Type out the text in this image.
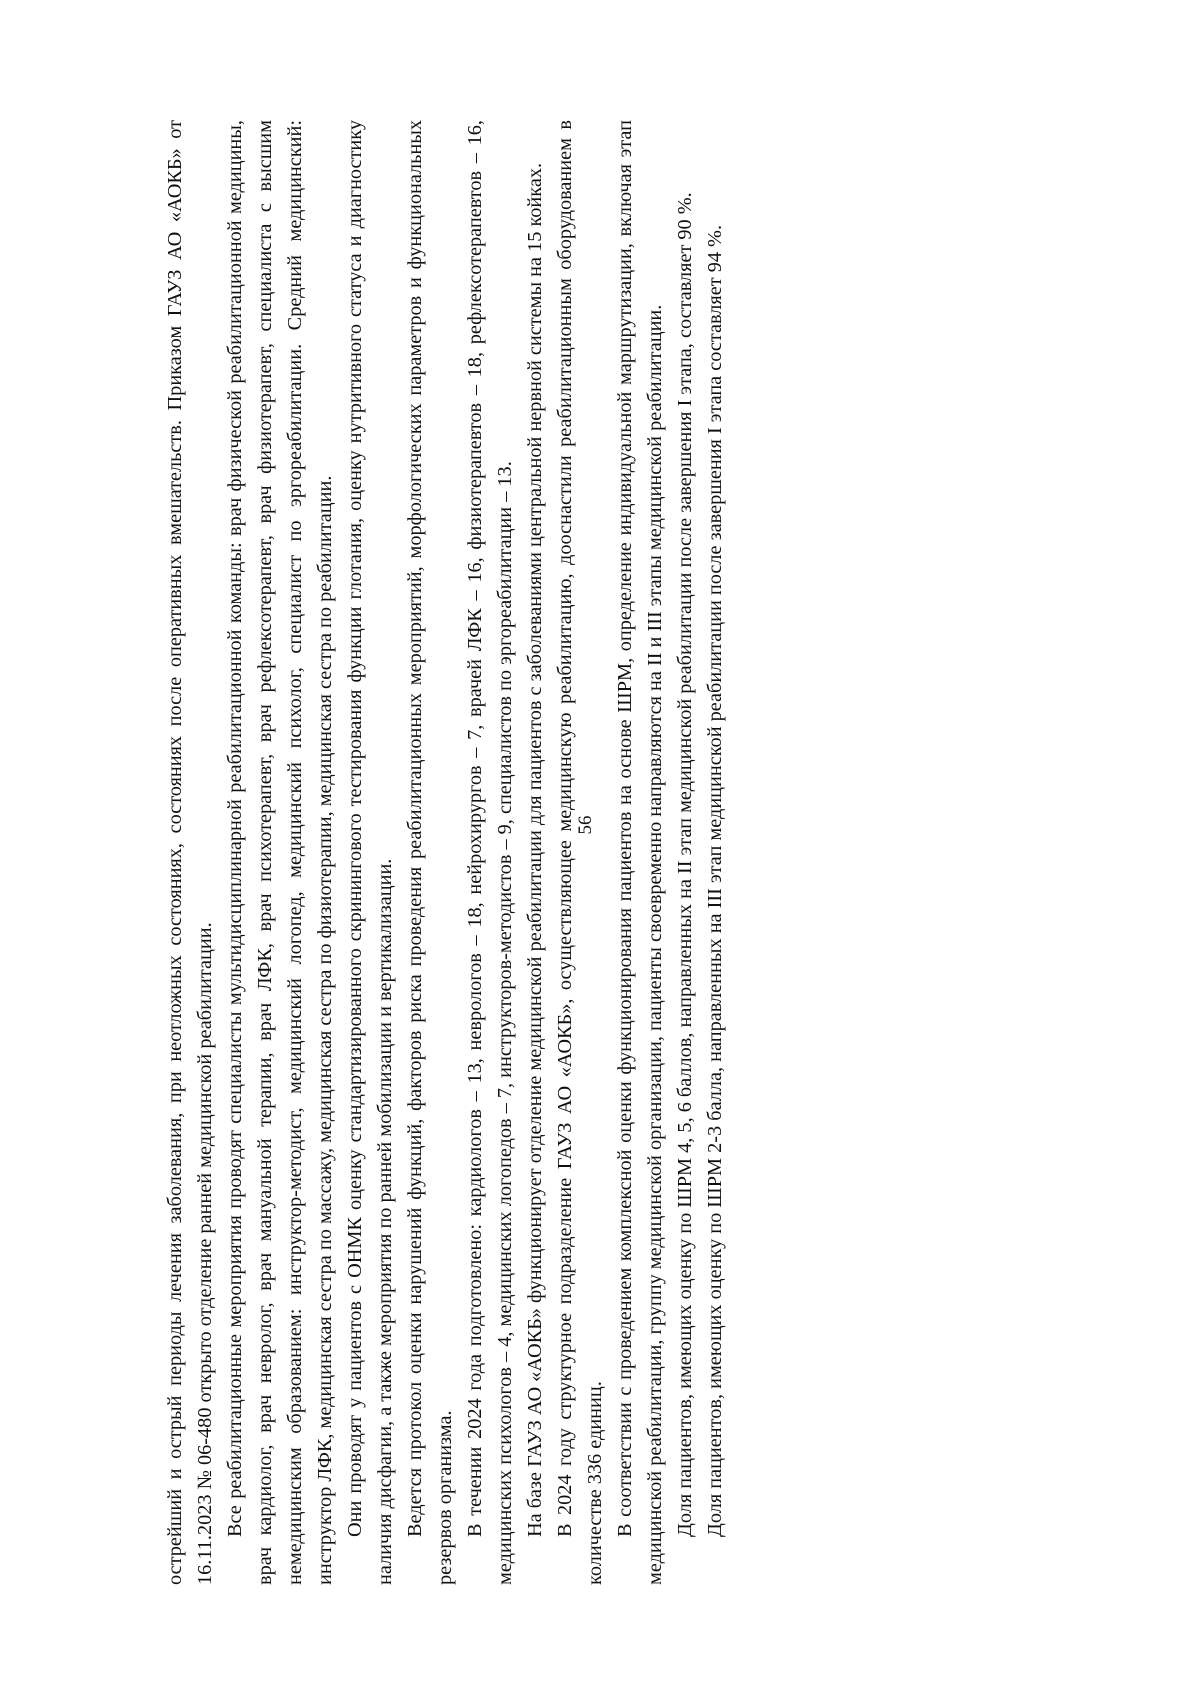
56

острейший и острый периоды лечения заболевания, при неотложных состояниях, состояниях после оперативных вмешательств. Приказом ГАУЗ АО «АОКБ» от 16.11.2023 № 06-480 открыто отделение ранней медицинской реабилитации. Все реабилитационные мероприятия проводят специалисты мультидисциплинарной реабилитационной команды: врач физической реабилитационной медицины, врач кардиолог, врач невролог, врач мануальной терапии, врач ЛФК, врач психотерапевт, врач рефлексотерапевт, врач физиотерапевт, специалиста с высшим немедицинским образованием: инструктор-методист, медицинский логопед, медицинский психолог, специалист по эргореабилитации. Средний медицинский: инструктор ЛФК, медицинская сестра по массажу, медицинская сестра по физиотерапии, медицинская сестра по реабилитации. Они проводят у пациентов с ОНМК оценку стандартизированного скринингового тестирования функции глотания, оценку нутритивного статуса и диагностику наличия дисфагии, а также мероприятия по ранней мобилизации и вертикализации. Ведется протокол оценки нарушений функций, факторов риска проведения реабилитационных мероприятий, морфологических параметров и функциональных резервов организма. В течении 2024 года подготовлено: кардиологов – 13, неврологов – 18, нейрохирургов – 7, врачей ЛФК – 16, физиотерапевтов – 18, рефлексотерапевтов – 16, медицинских психологов – 4, медицинских логопедов – 7, инструкторов-методистов – 9, специалистов по эргореабилитации – 13. На базе ГАУЗ АО «АОКБ» функционирует отделение медицинской реабилитации для пациентов с заболеваниями центральной нервной системы на 15 койках. В 2024 году структурное подразделение ГАУЗ АО «АОКБ», осуществляющее медицинскую реабилитацию, дооснастили реабилитационным оборудованием в количестве 336 единиц. В соответствии с проведением комплексной оценки функционирования пациентов на основе ШРМ, определение индивидуальной маршрутизации, включая этап медицинской реабилитации, группу медицинской организации, пациенты своевременно направляются на II и III этапы медицинской реабилитации. Доля пациентов, имеющих оценку по ШРМ 4, 5, 6 баллов, направленных на II этап медицинской реабилитации после завершения I этапа, составляет 90 %. Доля пациентов, имеющих оценку по ШРМ 2-3 балла, направленных на III этап медицинской реабилитации после завершения I этапа составляет 94 %.
